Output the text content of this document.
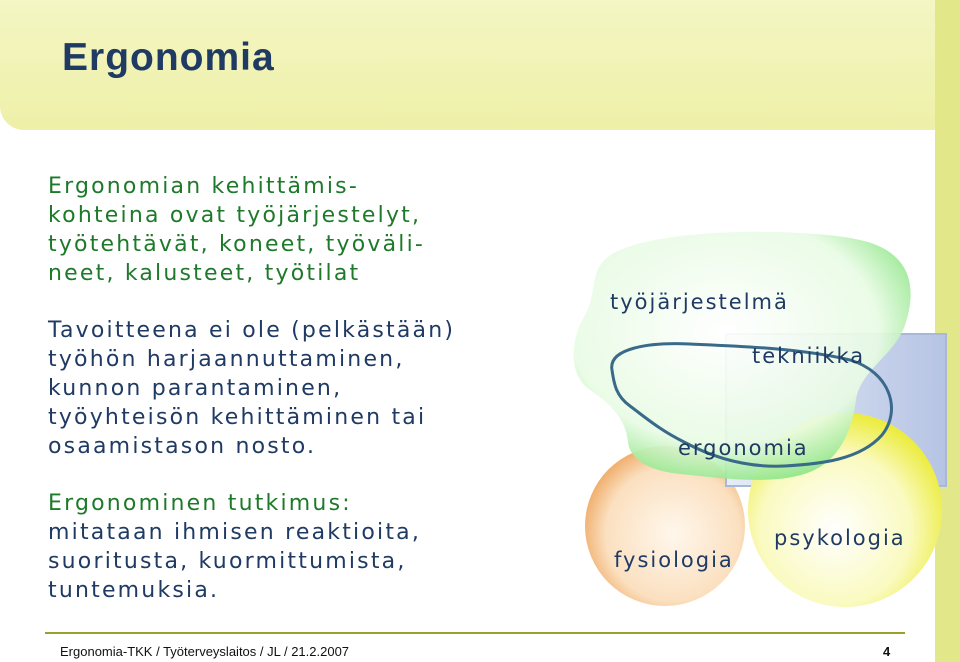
Ergonomia
Ergonomian kehittämis-
kohteina ovat työjärjestelyt,
työtehtävät, koneet, työväli-
neet, kalusteet, työtilat
Tavoitteena ei ole (pelkästään)
työhön harjaannuttaminen,
kunnon parantaminen,
työyhteisön kehittäminen tai
osaamistason nosto.
Ergonominen tutkimus:
mitataan ihmisen reaktioita,
suoritusta, kuormittumista,
tuntemuksia.
työjärjestelmä
tekniikka
ergonomia
fysiologia
psykologia
Ergonomia-TKK / Työterveyslaitos / JL / 21.2.2007	4
